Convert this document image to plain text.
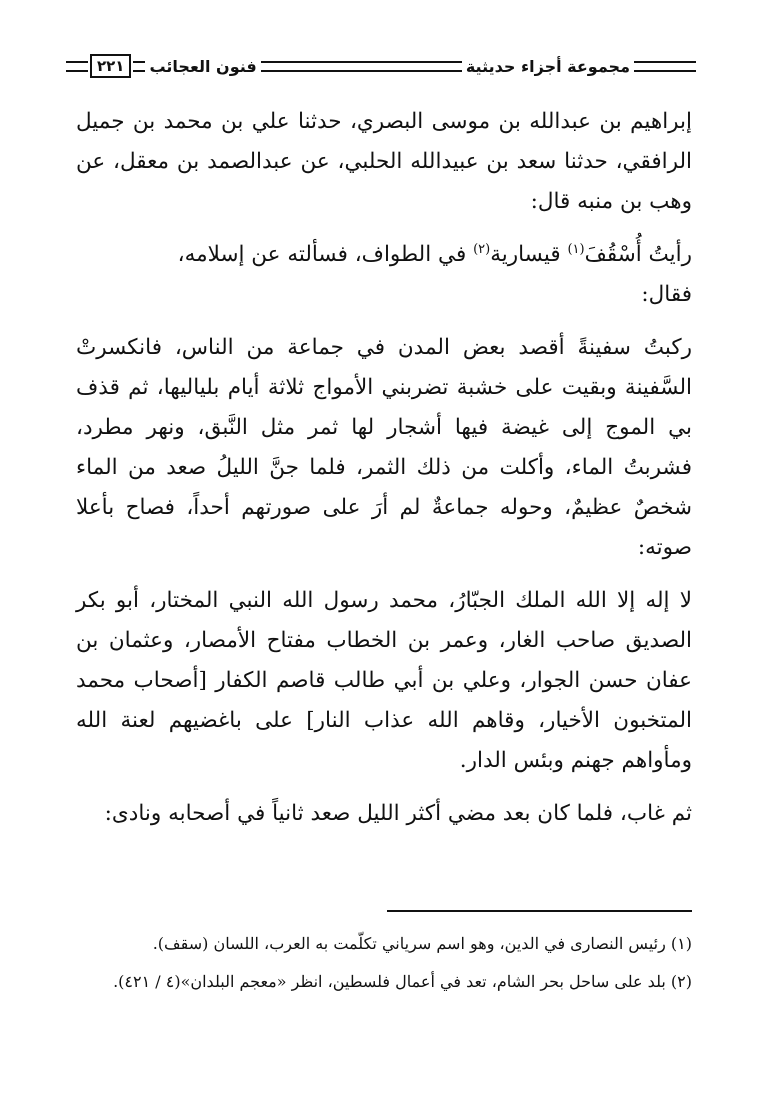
مجموعة أجزاء حديثية
فنون العجائب
٢٢١

إبراهيم بن عبدالله بن موسى البصري، حدثنا علي بن محمد بن جميل الرافقي، حدثنا سعد بن عبيدالله الحلبي، عن عبدالصمد بن معقل، عن وهب بن منبه قال:

رأيتُ أُسْقُفَ$^{(١)}$ قيسارية$^{(٢)}$ في الطواف، فسألته عن إسلامه،
فقال:

ركبتُ سفينةً أقصد بعض المدن في جماعة من الناس، فانكسرتْ السَّفينة وبقيت على خشبة تضربني الأمواج ثلاثة أيام بلياليها، ثم قذف بي الموج إلى غيضة فيها أشجار لها ثمر مثل النَّبق، ونهر مطرد، فشربتُ الماء، وأكلت من ذلك الثمر، فلما جنَّ الليلُ صعد من الماء شخصٌ عظيمٌ، وحوله جماعةٌ لم أرَ على صورتهم أحداً، فصاح بأعلا صوته:

لا إله إلا الله الملك الجبّارُ، محمد رسول الله النبي المختار، أبو بكر الصديق صاحب الغار، وعمر بن الخطاب مفتاح الأمصار، وعثمان بن عفان حسن الجوار، وعلي بن أبي طالب قاصم الكفار [أصحاب محمد المتخبون الأخيار، وقاهم الله عذاب النار] على باغضيهم لعنة الله ومأواهم جهنم وبئس الدار.

ثم غاب، فلما كان بعد مضي أكثر الليل صعد ثانياً في أصحابه ونادى:

(١) رئيس النصارى في الدين، وهو اسم سرياني تكلّمت به العرب، اللسان (سقف).

(٢) بلد على ساحل بحر الشام، تعد في أعمال فلسطين، انظر «معجم البلدان»(٤ / ٤٢١).
